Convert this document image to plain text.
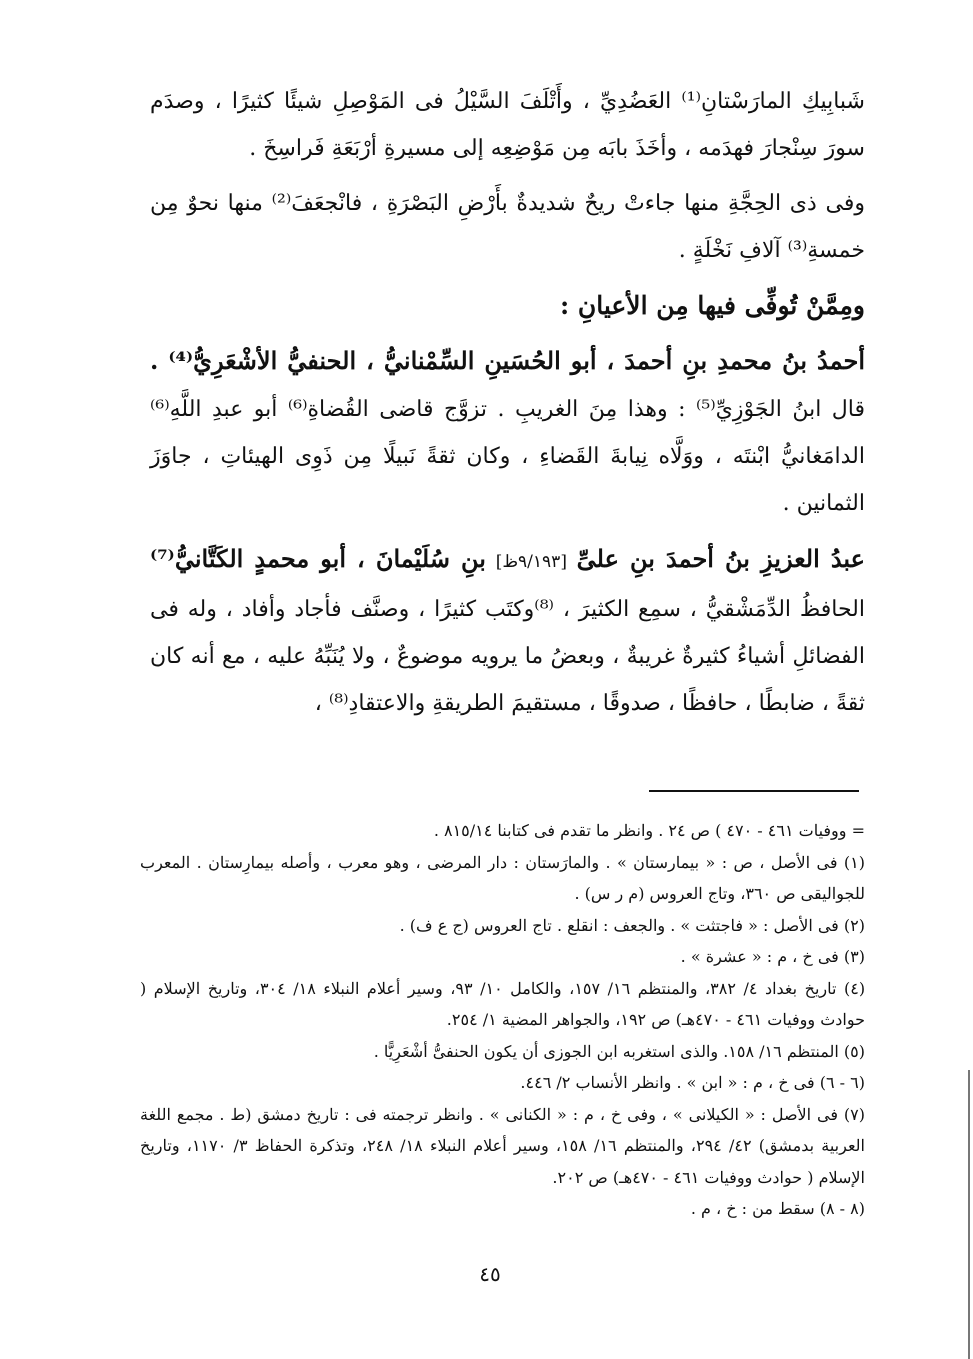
شَبابِيكِ المارَسْتانِ⁽¹⁾ العَضُدِيِّ ، وأَتْلَفَ السَّيْلُ فى المَوْصِلِ شيئًا كثيرًا ، وصدَم سورَ سِنْجارَ فهدَمه ، وأخَذَ بابَه مِن مَوْضِعِه إلى مسيرةِ أرْبَعَةِ فَراسِخَ .

وفى ذى الحِجَّةِ منها جاءتْ ريحٌ شديدةٌ بأَرْضِ البَصْرَةِ ، فانْجعَفَ⁽²⁾ منها نحوٌ مِن خمسةِ⁽³⁾ آلافِ نَخْلَةٍ .

ومِمَّنْ تُوفِّى فيها مِن الأعيانِ :

أحمدُ بنُ محمدِ بنِ أحمدَ ، أبو الحُسَينِ السِّمْنانيُّ ، الحنفيُّ الأشْعَرِيُّ⁽⁴⁾ . قال ابنُ الجَوْزِيِّ⁽⁵⁾ : وهذا مِنَ الغريبِ . تزوَّج قاضى القُضاةِ⁽⁶⁾ أبو عبدِ اللَّهِ⁽⁶⁾ الدامَغانيُّ ابْنتَه ، ووَلَّاه نِيابةَ القَضاءِ ، وكان ثقةً نَبيلًا مِن ذَوِى الهيئاتِ ، جاوَزَ الثمانين .

عبدُ العزيزِ بنُ أحمدَ بنِ علىِّ [٩/١٩٣ظ] بنِ سُلَيْمانَ ، أبو محمدٍ الكَتَّانيُّ⁽⁷⁾ الحافظُ الدِّمَشْقيُّ ، سمِع الكثيرَ ، ⁽⁸⁾وكتَب كثيرًا ، وصنَّف فأجاد وأفاد ، وله فى الفضائلِ أشياءُ كثيرةٌ غريبةٌ ، وبعضُ ما يرويه موضوعٌ ، ولا يُنَبِّهُ عليه ، مع أنه كان ثقةً ، ضابطًا ، حافظًا ، صدوقًا ، مستقيمَ الطريقةِ والاعتقادِ⁽⁸⁾ ،

= ووفيات ٤٦١ - ٤٧٠ ) ص ٢٤ . وانظر ما تقدم فى كتابنا ٨١٥/١٤ .

(١) فى الأصل ، ص : « بيمارستان » . والمارَستان : دار المرضى ، وهو معرب ، وأصله بيمارِستان . المعرب للجواليقى ص ٣٦٠، وتاج العروس (م ر س) .

(٢) فى الأصل : « فاجتثت » . والجعف : انقلع . تاج العروس (ج ع ف) .

(٣) فى خ ، م : « عشرة » .

(٤) تاريخ بغداد ٤/ ٣٨٢، والمنتظم ١٦/ ١٥٧، والكامل ١٠/ ٩٣، وسير أعلام النبلاء ١٨/ ٣٠٤، وتاريخ الإسلام ( حوادث ووفيات ٤٦١ - ٤٧٠هـ) ص ١٩٢، والجواهر المضية ١/ ٢٥٤.

(٥) المنتظم ١٦/ ١٥٨. والذى استغربه ابن الجوزى أن يكون الحنفىُّ أشْعَرِيًّا .

(٦ - ٦) فى خ ، م : « ابن » . وانظر الأنساب ٢/ ٤٤٦.

(٧) فى الأصل : « الكيلانى » ، وفى خ ، م : « الكنانى » . وانظر ترجمته فى : تاريخ دمشق (ط . مجمع اللغة العربية بدمشق) ٤٢/ ٢٩٤، والمنتظم ١٦/ ١٥٨، وسير أعلام النبلاء ١٨/ ٢٤٨، وتذكرة الحفاظ ٣/ ١١٧٠، وتاريخ الإسلام ( حوادث ووفيات ٤٦١ - ٤٧٠هـ) ص ٢٠٢.

(٨ - ٨) سقط من : خ ، م .

٤٥
